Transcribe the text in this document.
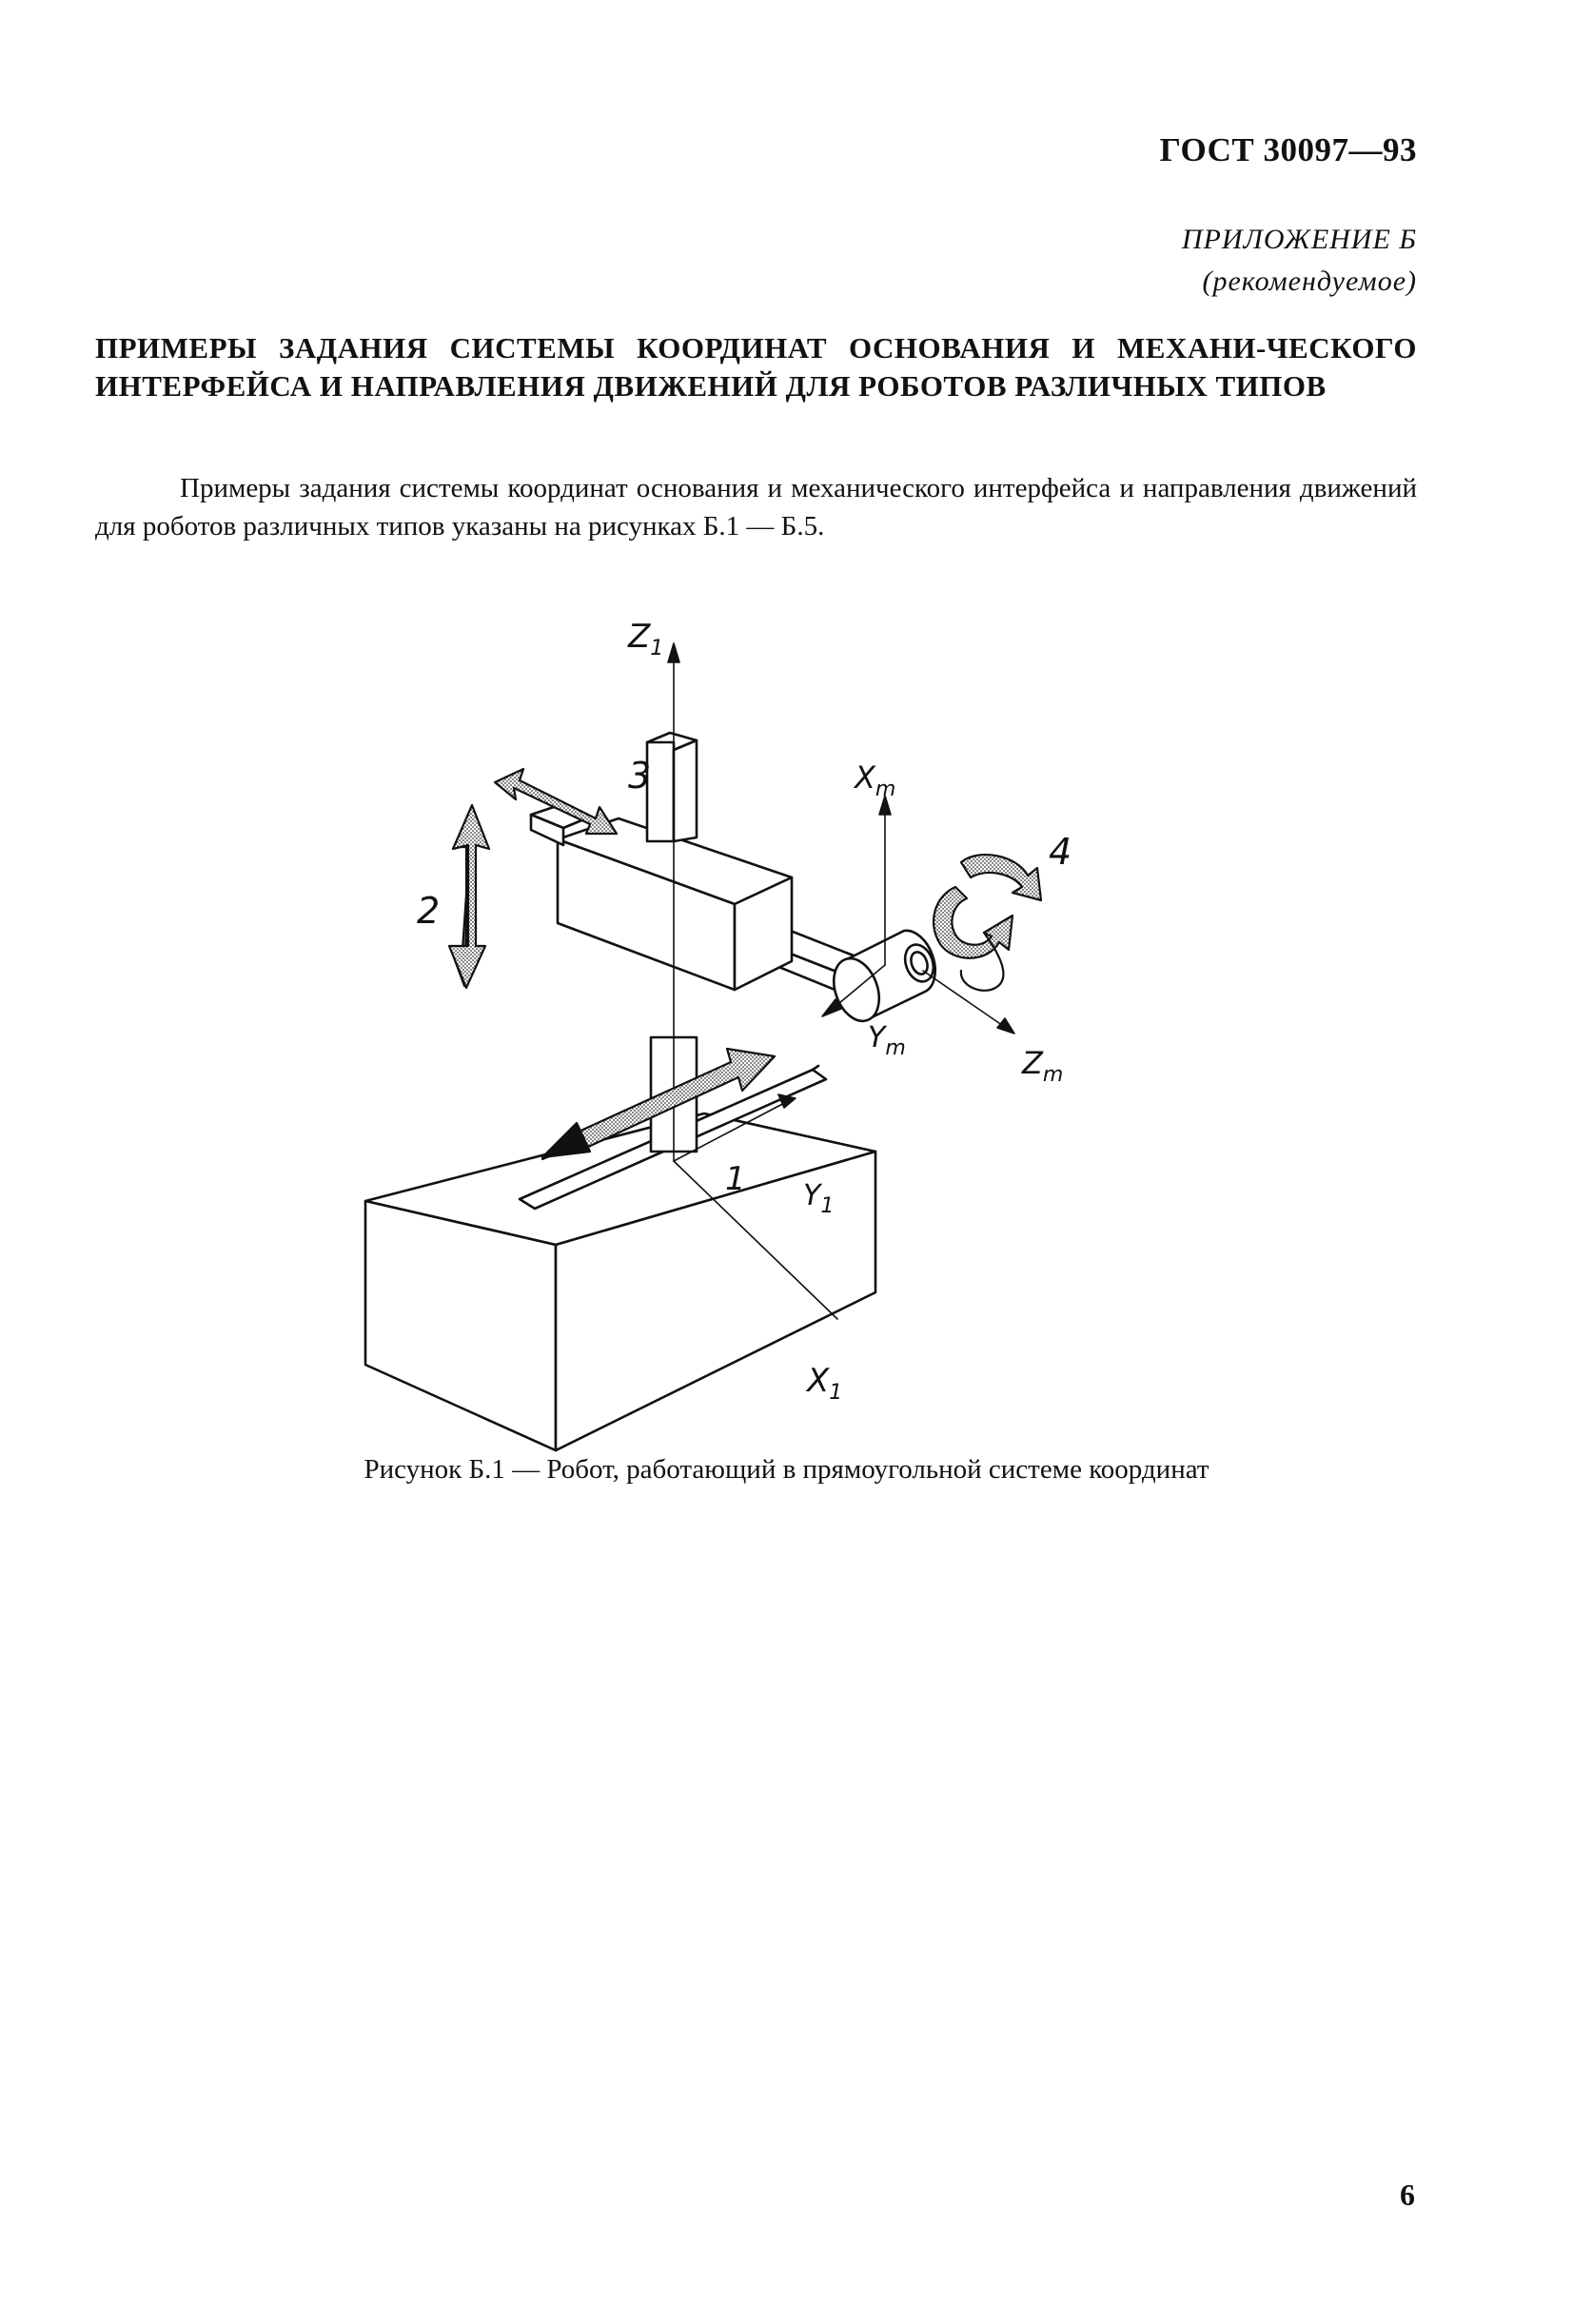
ГОСТ 30097—93
ПРИЛОЖЕНИЕ Б
(рекомендуемое)
ПРИМЕРЫ ЗАДАНИЯ СИСТЕМЫ КООРДИНАТ ОСНОВАНИЯ И МЕХАНИ-ЧЕСКОГО ИНТЕРФЕЙСА И НАПРАВЛЕНИЯ ДВИЖЕНИЙ ДЛЯ РОБОТОВ РАЗЛИЧНЫХ ТИПОВ
Примеры задания системы координат основания и механического интерфейса и направления движений для роботов различных типов указаны на рисунках Б.1 — Б.5.
$Z_1$
$X_m$
$Y_m$	$Z_m$
$Y_1$
$X_1$
1
2
3
4
Рисунок Б.1 — Робот, работающий в прямоугольной системе координат
6
